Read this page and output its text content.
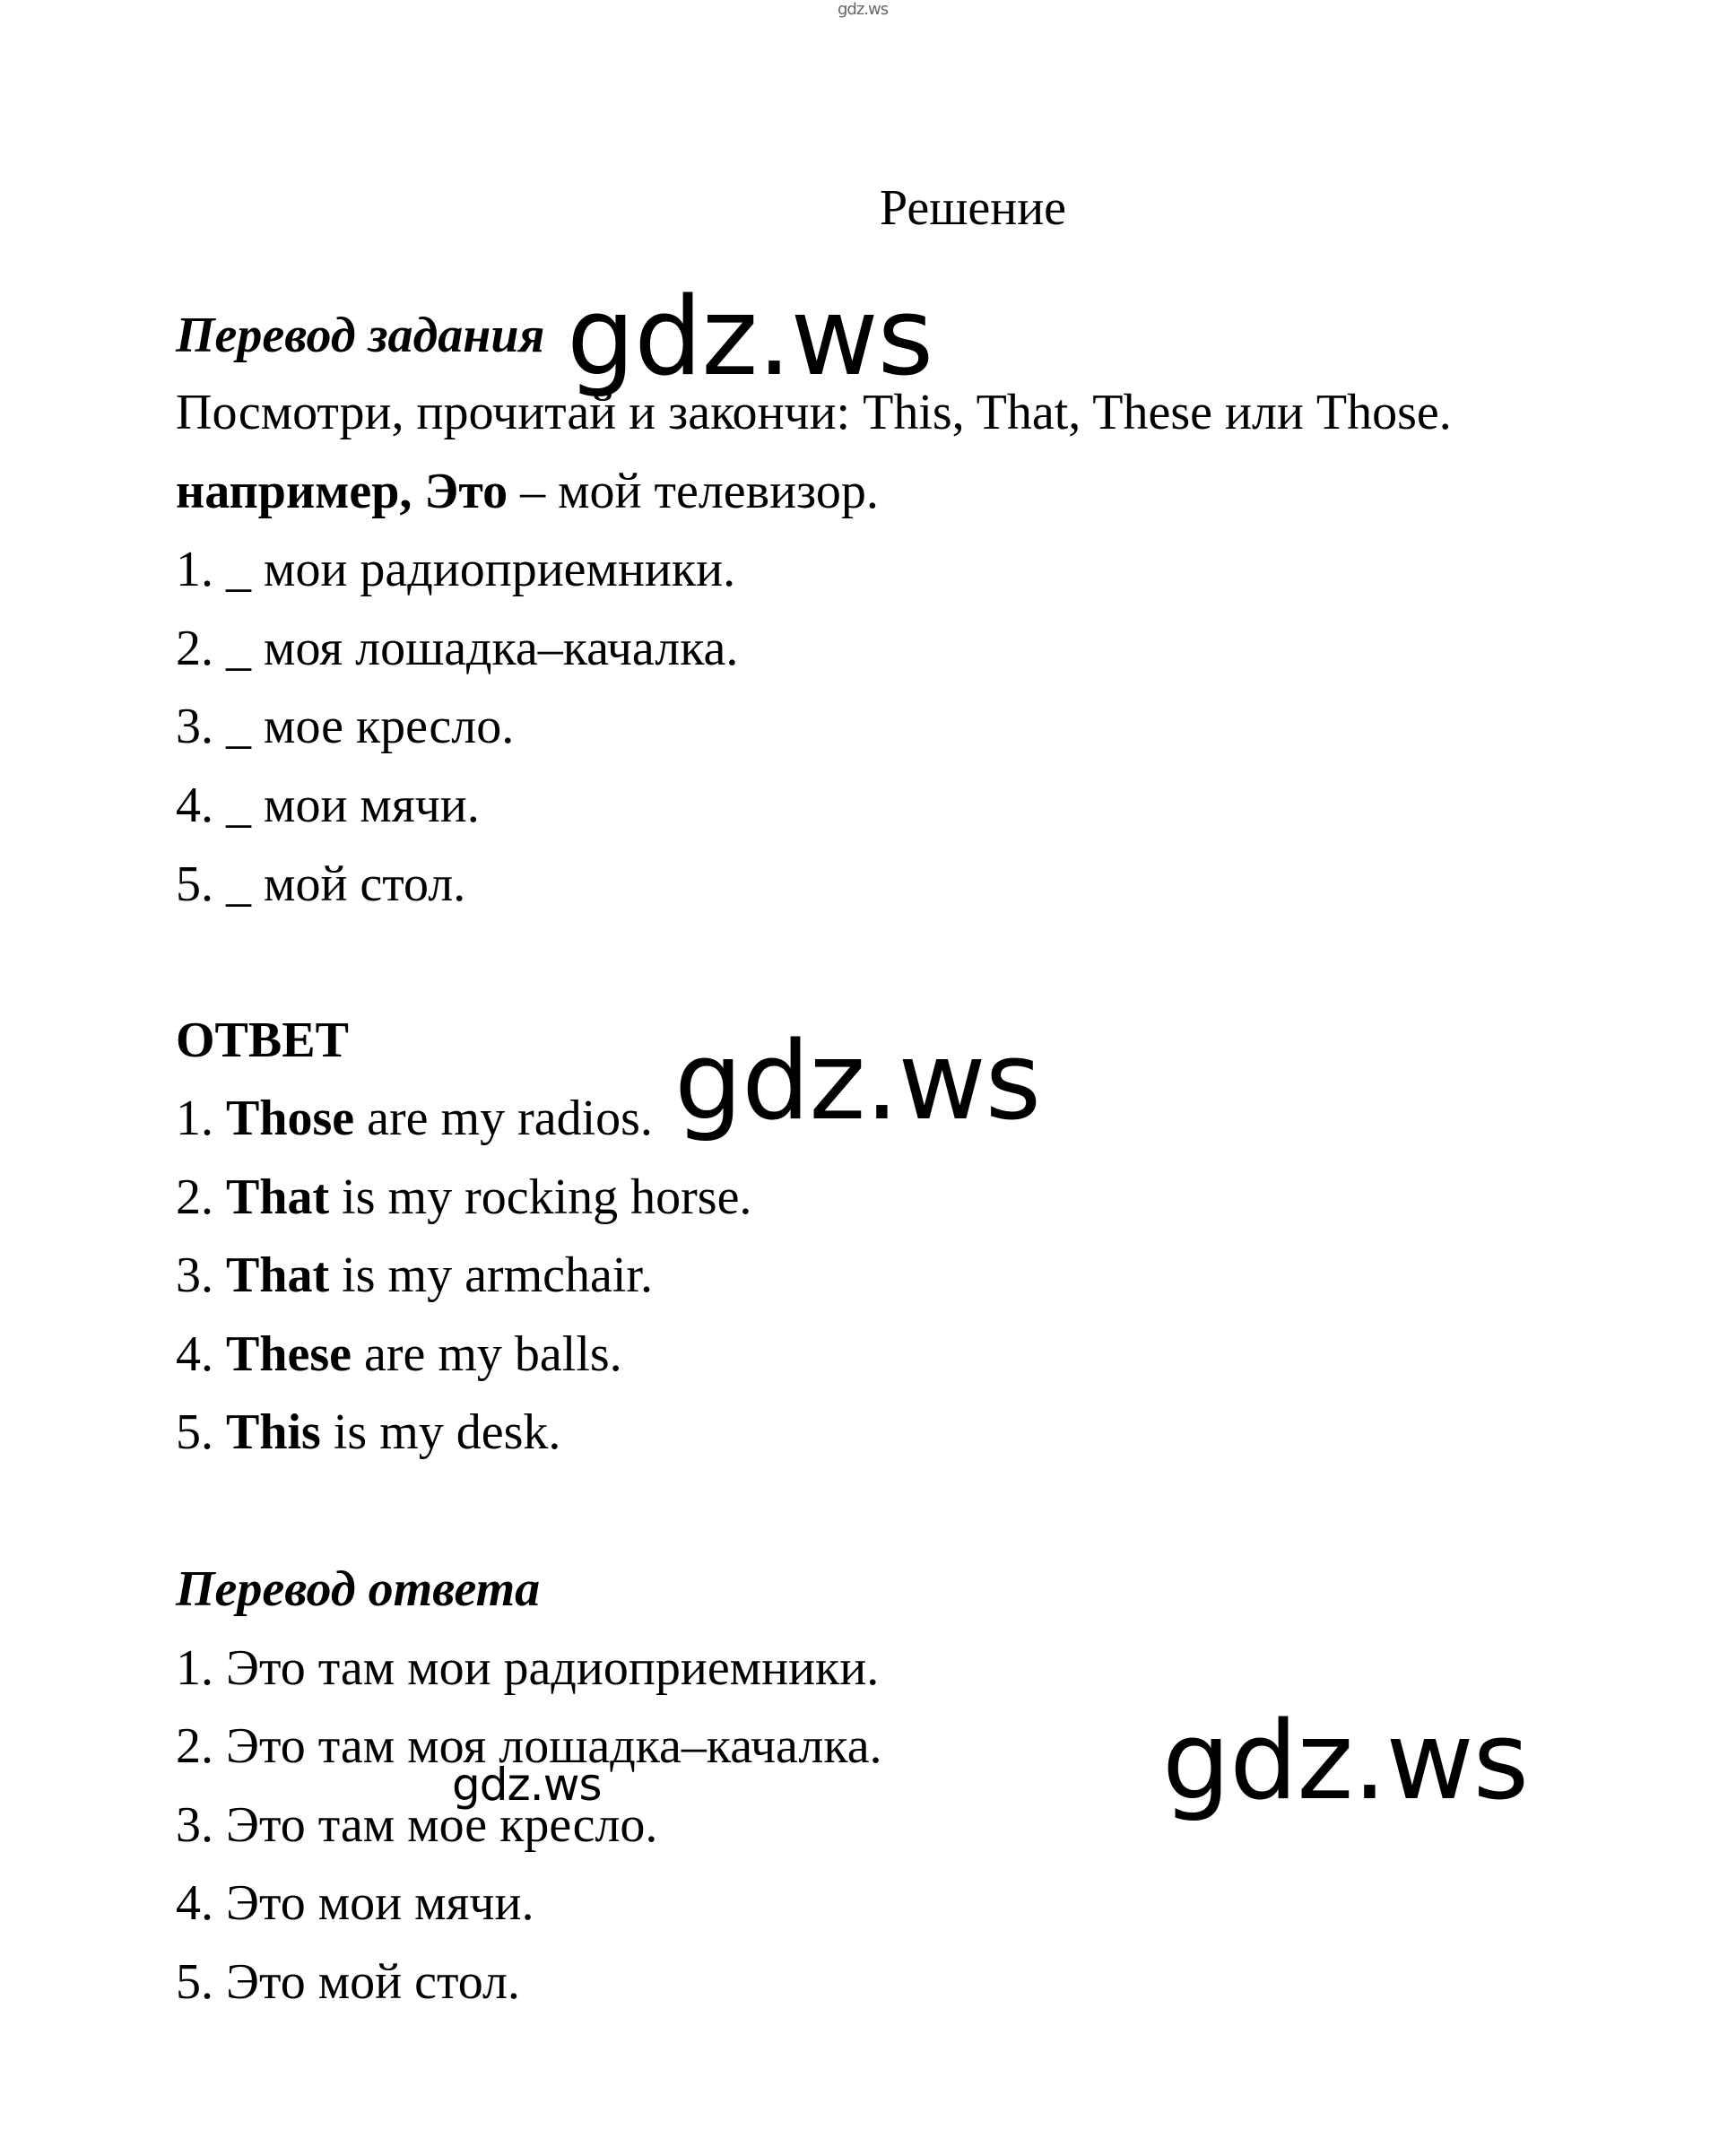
gdz.ws
Решение
Перевод задания gdz.ws
Посмотри, прочитай и закончи: This, That, These или Those.
например, Это – мой телевизор.
1. _ мои радиоприемники.
2. _ моя лошадка–качалка.
3. _ мое кресло.
4. _ мои мячи.
5. _ мой стол.
ОТВЕТ	gdz.ws
1. Those are my radios.
2. That is my rocking horse.
3. That is my armchair.
4. These are my balls.
5. This is my desk.
Перевод ответа
1. Это там мои радиоприемники.
2. Это там моя лошадка–качалка.
3. Это там мое кресло.
4. Это мои мячи.
5. Это мой стол.
gdz.ws
gdz.ws
